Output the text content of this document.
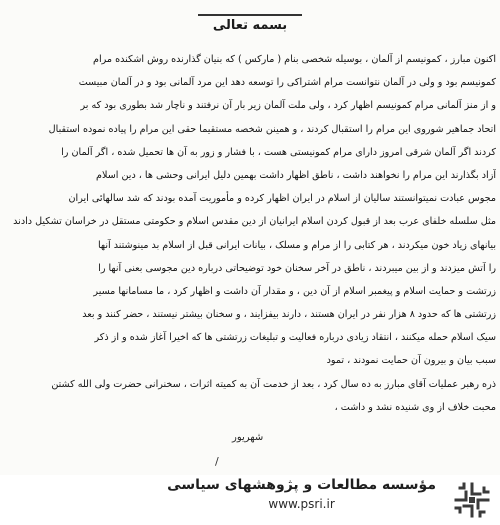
بسمه تعالی
اکنون مبارز ، کمونیسم از آلمان ، بوسیله شخصی بنام ( مارکس ) که بنیان گذارنده روش اشکنده مرام
کمونیسم بود و ولی در آلمان نتوانست مرام اشتراکی را توسعه دهد این مرد آلمانی بود و در آلمان مبیست
و از منز آلمانی مرام کمونیسم اظهار کرد ، ولی ملت آلمان زیر بار آن نرفتند و ناچار شد بطوری بود که بر
اتحاد جماهیر شوروی این مرام را استقبال کردند ، و همینن شخصه مستقیما حقی این مرام را پیاده نموده استقبال
کردند اگر آلمان شرقی امروز دارای مرام کمونیستی هست ، با فشار و زور به آن ها تحمیل شده ، اگر آلمان را
آزاد بگذارند این مرام را نخواهند داشت ، ناطق اظهار داشت بهمین دلیل ایرانی وحشی ها ، دین اسلام
مجوس عبادت نمیتوانستند سالیان از اسلام در ایران اظهار کرده و مأموریت آمده بودند که شد سالهائی ایران
مثل سلسله خلفای عرب بعد از قبول کردن اسلام ایرانیان از دین مقدس اسلام و حکومتی مستقل در خراسان تشکیل دادند
بیانهای زیاد خون میکردند ، هر کتابی را از مرام و مسلک ، بیانات ایرانی قبل از اسلام بد مینوشتند آنها
را آتش میزدند و از بین میبردند ، ناطق در آخر سخنان خود توضیحاتی درباره دین مجوسی بعنی آنها را
زرتشت و حمایت اسلام و پیغمبر اسلام از آن دین ، و مقدار آن داشت و اظهار کرد ، ما مسامانها مسیر
زرتشتی ها که حدود ۸ هزار نفر در ایران هستند ، دارند بیفزایند ، و سخنان بیشتر نیستند ، حضر کنند و بعد
سیک اسلام حمله میکنند ، انتقاد زیادی درباره فعالیت و تبلیغات زرتشتی ها که اخیرا آغاز شده و از ذکر
سبب بیان و بیرون آن حمایت نمودند ، تمود
ذره رهبر عملیات آقای مبارز به ده سال کرد ، بعد از خدمت آن به کمیته اثرات ، سخنرانی حضرت ولی الله کشتن
محبت خلاف از وی شنیده نشد و داشت ،
شهریور
/
مؤسسه مطالعات و پژوهشهای سیاسی
www.psri.ir
